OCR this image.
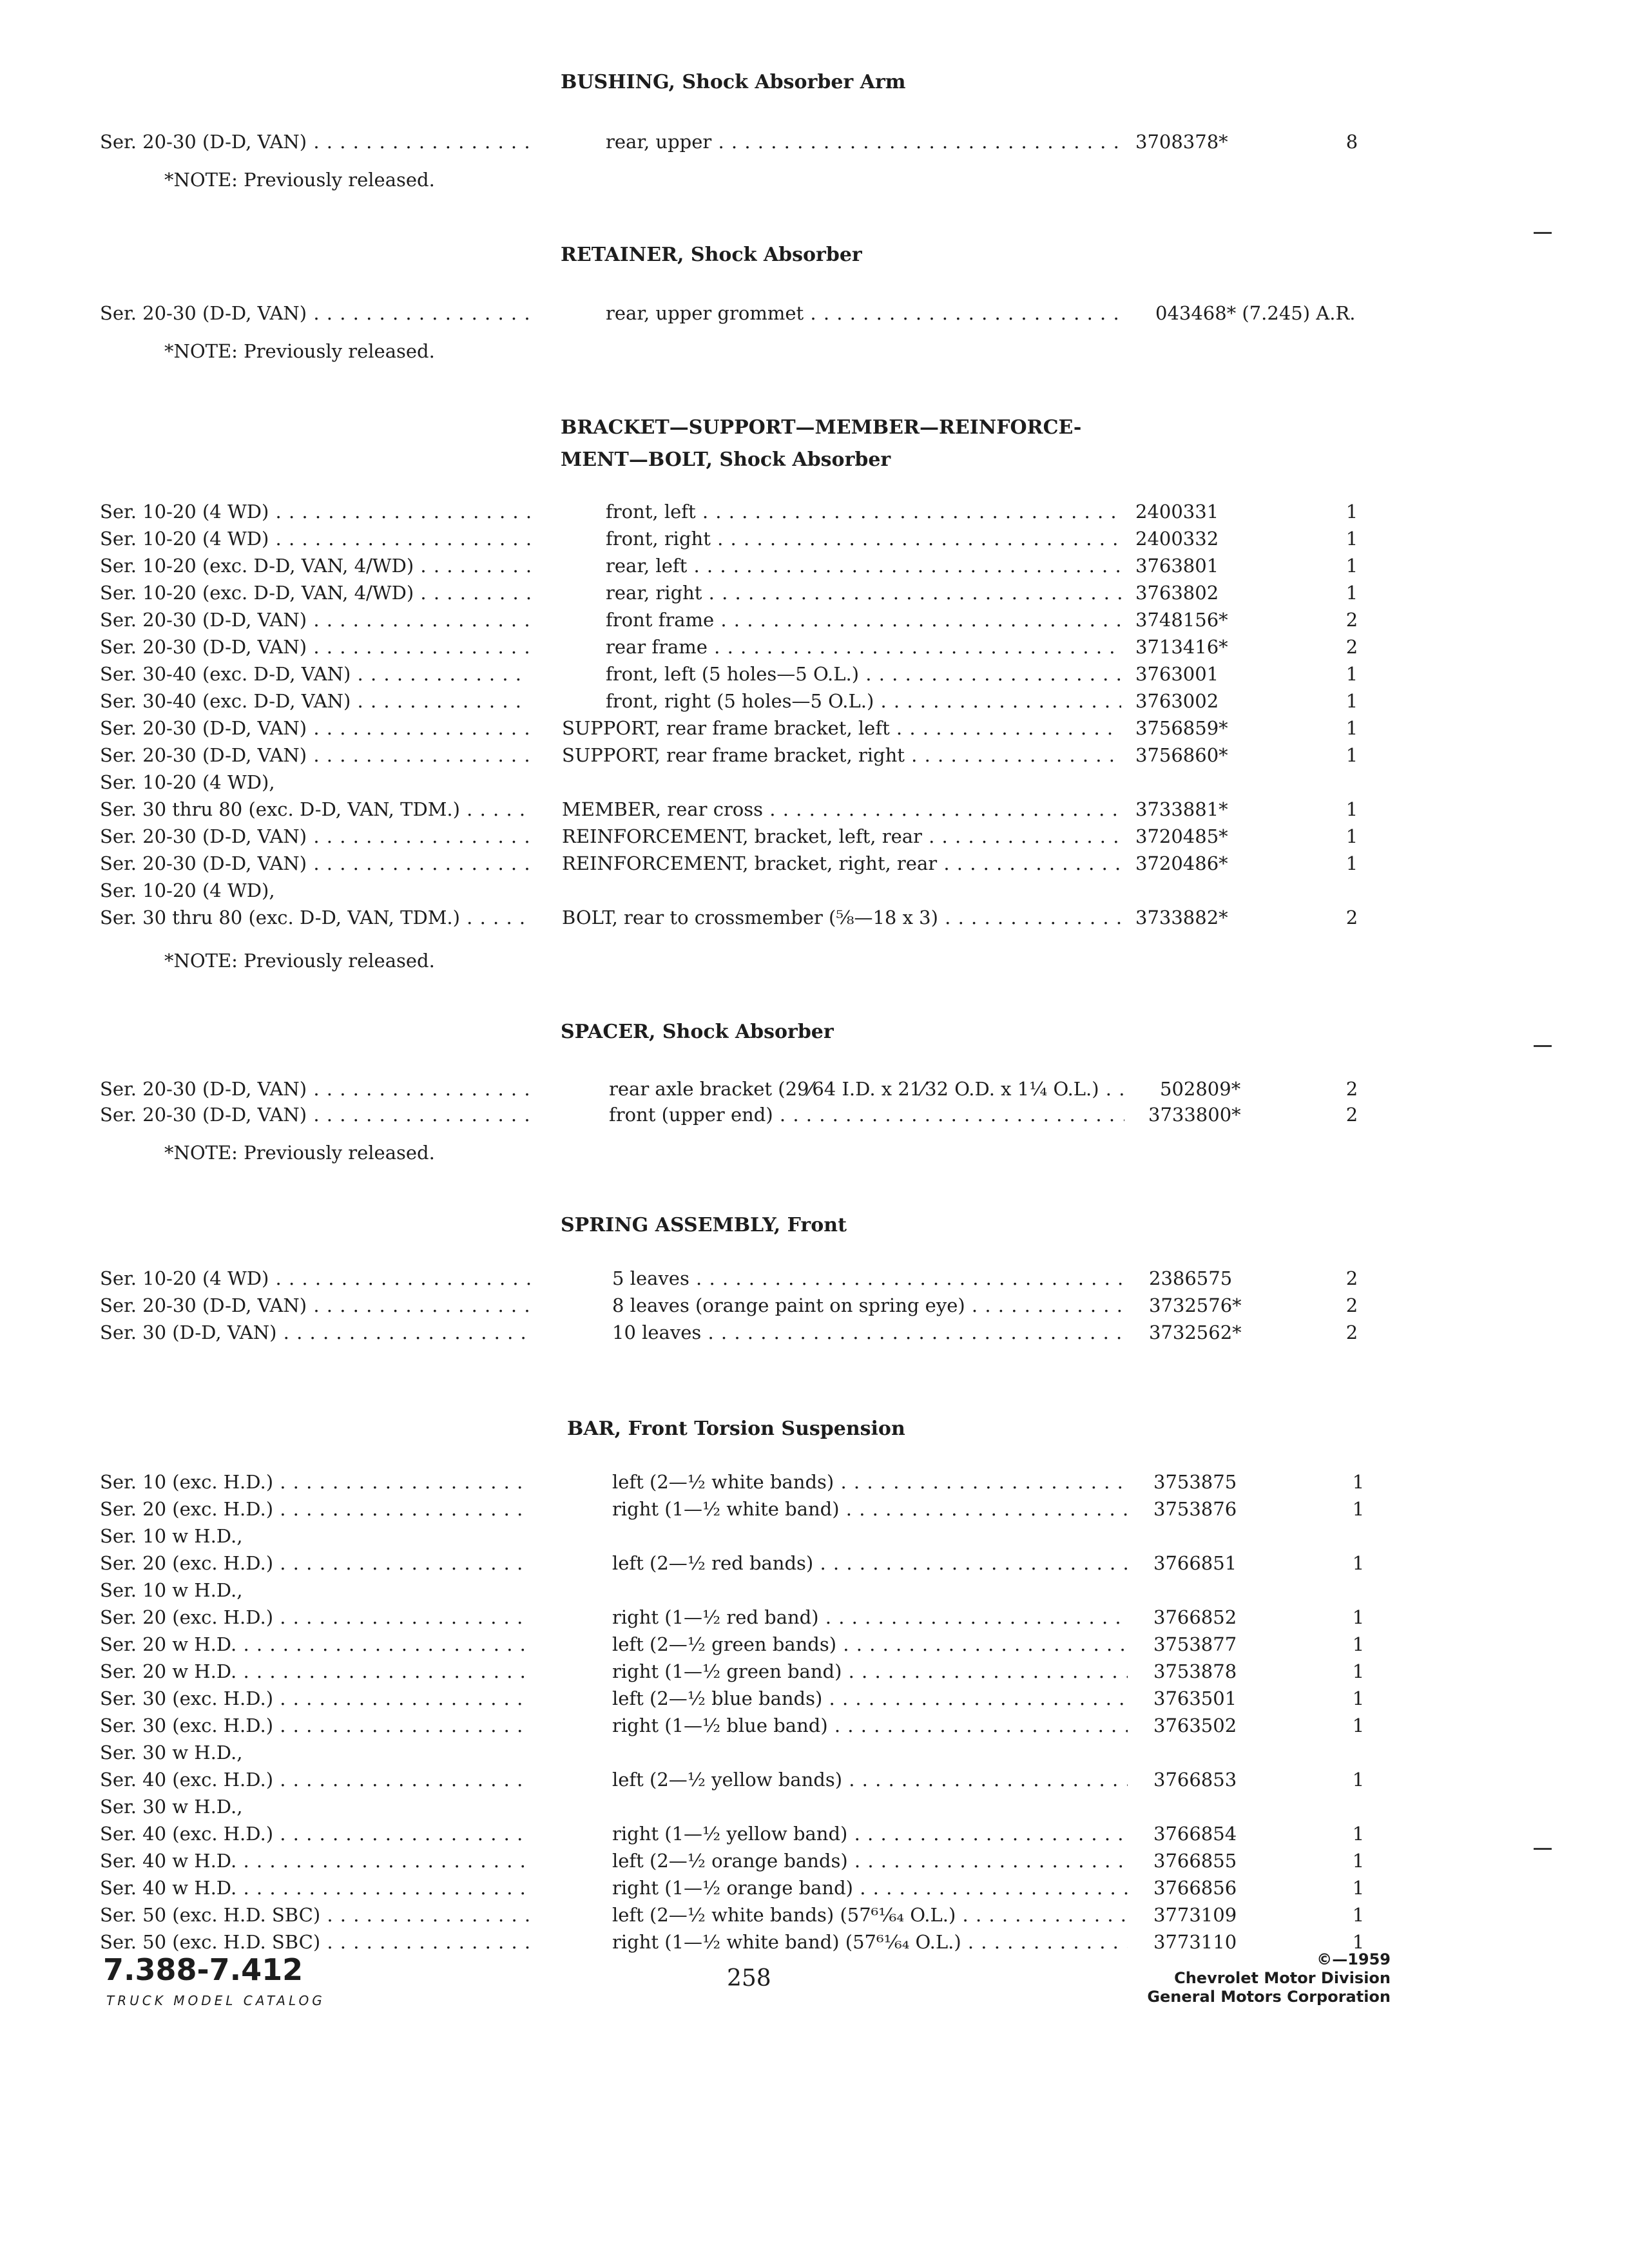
BUSHING, Shock Absorber Arm
Ser. 20-30 (D-D, VAN) . . .	rear, upper . . .	3708378*	8
*NOTE: Previously released.
RETAINER, Shock Absorber
Ser. 20-30 (D-D, VAN) . . .	rear, upper grommet . . .	043468* (7.245) A.R.
*NOTE: Previously released.
BRACKET—SUPPORT—MEMBER—REINFORCE-
MENT—BOLT, Shock Absorber
Ser. 10-20 (4 WD) . . .	front, left . . .	2400331	1
Ser. 10-20 (4 WD) . . .	front, right . . .	2400332	1
Ser. 10-20 (exc. D-D, VAN, 4/WD) . . .	rear, left . . .	3763801	1
Ser. 10-20 (exc. D-D, VAN, 4/WD) . . .	rear, right . . .	3763802	1
Ser. 20-30 (D-D, VAN) . . .	front frame . . .	3748156*	2
Ser. 20-30 (D-D, VAN) . . .	rear frame . . .	3713416*	2
Ser. 30-40 (exc. D-D, VAN) . . .	front, left (5 holes—5 O.L.) . . .	3763001	1
Ser. 30-40 (exc. D-D, VAN) . . .	front, right (5 holes—5 O.L.) . . .	3763002	1
Ser. 20-30 (D-D, VAN) . . .	SUPPORT, rear frame bracket, left . . .	3756859*	1
Ser. 20-30 (D-D, VAN) . . .	SUPPORT, rear frame bracket, right . . .	3756860*	1
Ser. 10-20 (4 WD),
Ser. 30 thru 80 (exc. D-D, VAN, TDM.) . . .	MEMBER, rear cross . . .	3733881*	1
Ser. 20-30 (D-D, VAN) . . .	REINFORCEMENT, bracket, left, rear . . .	3720485*	1
Ser. 20-30 (D-D, VAN) . . .	REINFORCEMENT, bracket, right, rear . . .	3720486*	1
Ser. 10-20 (4 WD),
Ser. 30 thru 80 (exc. D-D, VAN, TDM.) . . .	BOLT, rear to crossmember (⅝—18 x 3) . . .	3733882*	2
*NOTE: Previously released.
SPACER, Shock Absorber
Ser. 20-30 (D-D, VAN) . . .	rear axle bracket (29⁄64 I.D. x 21⁄32 O.D. x 1¼ O.L.) . . .	502809*	2
Ser. 20-30 (D-D, VAN) . . .	front (upper end) . . .	3733800*	2
*NOTE: Previously released.
SPRING ASSEMBLY, Front
Ser. 10-20 (4 WD) . . .	5 leaves . . .	2386575	2
Ser. 20-30 (D-D, VAN) . . .	8 leaves (orange paint on spring eye) . . .	3732576*	2
Ser. 30 (D-D, VAN) . . .	10 leaves . . .	3732562*	2
BAR, Front Torsion Suspension
Ser. 10 (exc. H.D.) . . .	left (2—½ white bands) . . .	3753875	1
Ser. 20 (exc. H.D.) . . .	right (1—½ white band) . . .	3753876	1
Ser. 10 w H.D.,
Ser. 20 (exc. H.D.) . . .	left (2—½ red bands) . . .	3766851	1
Ser. 10 w H.D.,
Ser. 20 (exc. H.D.) . . .	right (1—½ red band) . . .	3766852	1
Ser. 20 w H.D. . . .	left (2—½ green bands) . . .	3753877	1
Ser. 20 w H.D. . . .	right (1—½ green band) . . .	3753878	1
Ser. 30 (exc. H.D.) . . .	left (2—½ blue bands) . . .	3763501	1
Ser. 30 (exc. H.D.) . . .	right (1—½ blue band) . . .	3763502	1
Ser. 30 w H.D.,
Ser. 40 (exc. H.D.) . . .	left (2—½ yellow bands) . . .	3766853	1
Ser. 30 w H.D.,
Ser. 40 (exc. H.D.) . . .	right (1—½ yellow band) . . .	3766854	1
Ser. 40 w H.D. . . .	left (2—½ orange bands) . . .	3766855	1
Ser. 40 w H.D. . . .	right (1—½ orange band) . . .	3766856	1
Ser. 50 (exc. H.D. SBC) . . .	left (2—½ white bands) (57⁶¹⁄₆₄ O.L.) . . .	3773109	1
Ser. 50 (exc. H.D. SBC) . . .	right (1—½ white band) (57⁶¹⁄₆₄ O.L.) . . .	3773110	1
7.388-7.412
TRUCK MODEL CATALOG
258
©—1959
Chevrolet Motor Division
General Motors Corporation
